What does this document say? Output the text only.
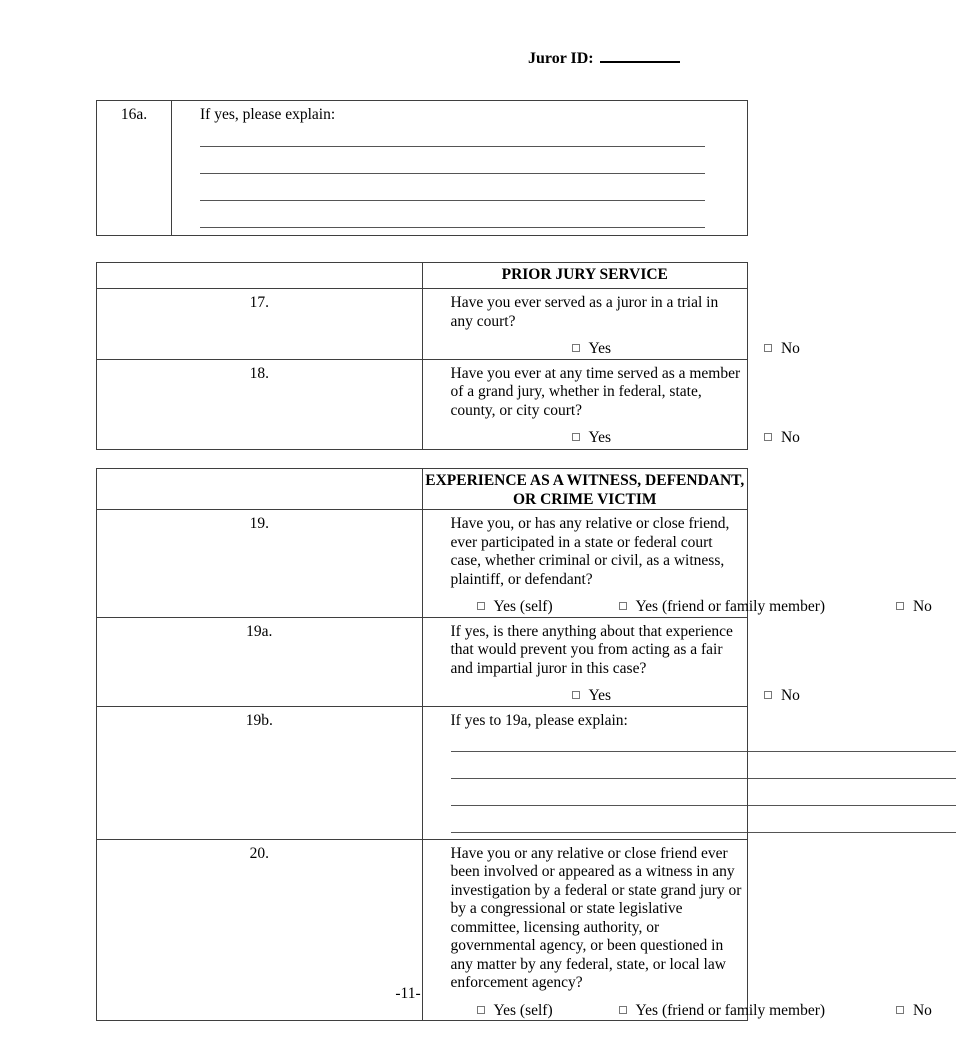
Juror ID:
16a.	If yes, please explain:
	PRIOR JURY SERVICE
17.	Have you ever served as a juror in a trial in any court?
Yes No

18.	Have you ever at any time served as a member of a grand jury, whether in federal, state, county, or city court?
Yes No
	EXPERIENCE AS A WITNESS, DEFENDANT, OR CRIME VICTIM
19.	Have you, or has any relative or close friend, ever participated in a state or federal court case, whether criminal or civil, as a witness, plaintiff, or defendant?
Yes (self) Yes (friend or family member) No

19a.	If yes, is there anything about that experience that would prevent you from acting as a fair and impartial juror in this case?
Yes No

19b.	If yes to 19a, please explain:

20.	Have you or any relative or close friend ever been involved or appeared as a witness in any investigation by a federal or state grand jury or by a congressional or state legislative committee, licensing authority, or governmental agency, or been questioned in any matter by any federal, state, or local law enforcement agency?
Yes (self) Yes (friend or family member) No
-11-
